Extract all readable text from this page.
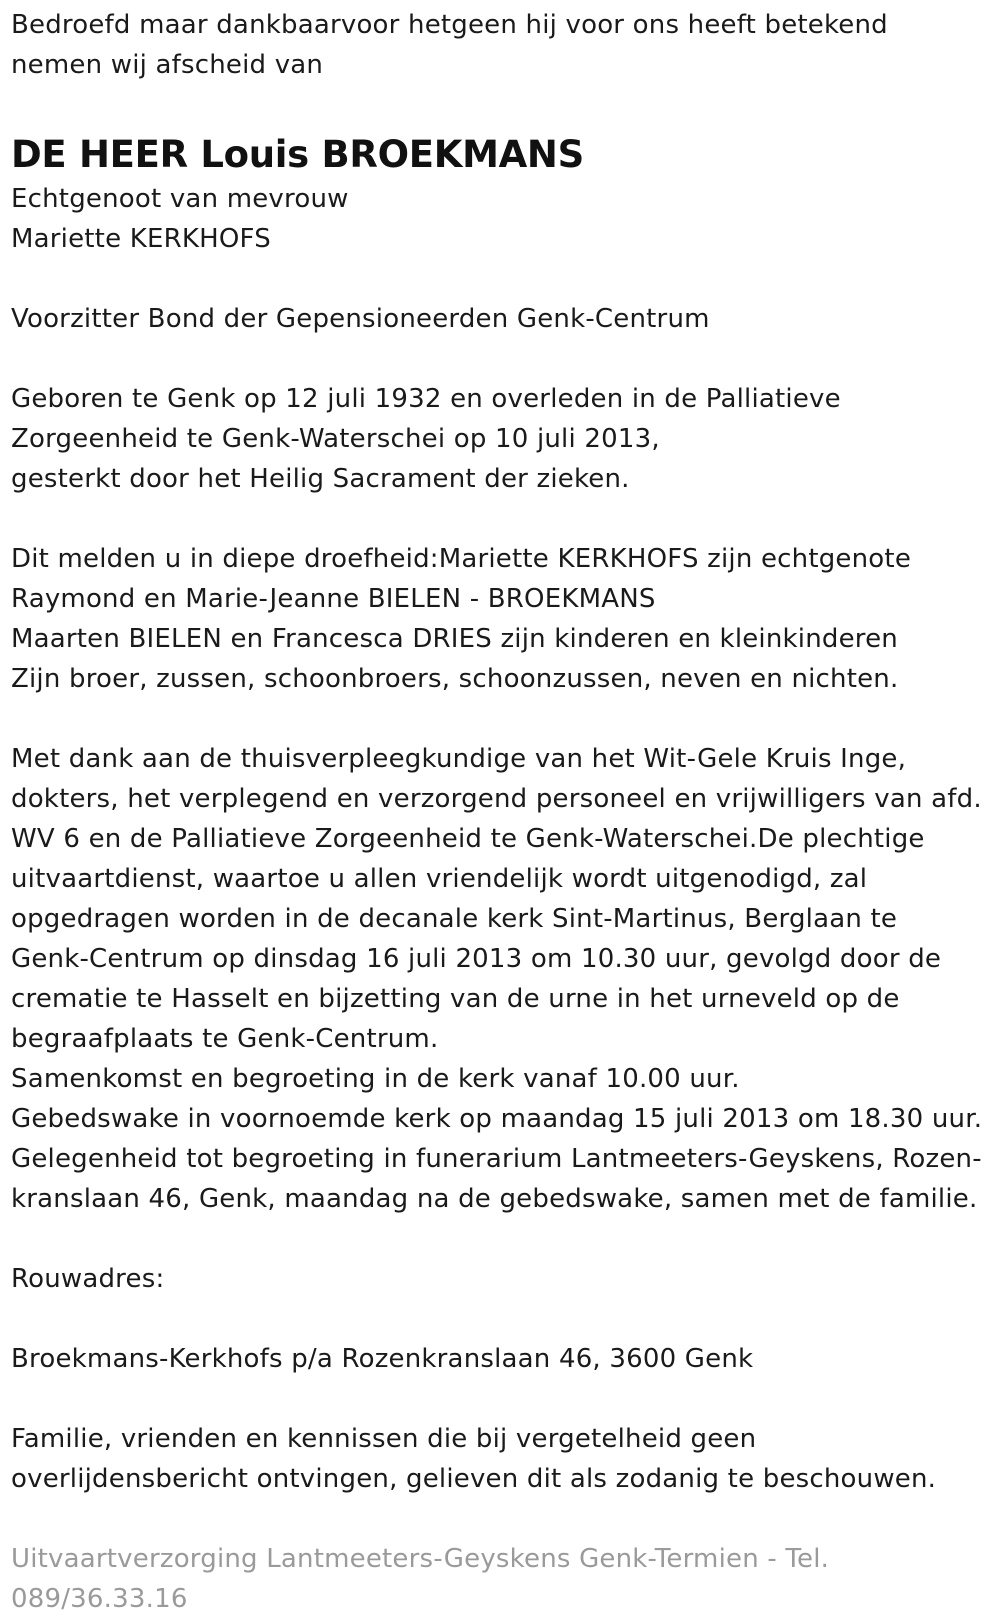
Bedroefd maar dankbaarvoor hetgeen hij voor ons heeft betekend
nemen wij afscheid van
DE HEER Louis BROEKMANS
Echtgenoot van mevrouw
Mariette KERKHOFS
Voorzitter Bond der Gepensioneerden Genk-Centrum
Geboren te Genk op 12 juli 1932 en overleden in de Palliatieve
Zorgeenheid te Genk-Waterschei op 10 juli 2013,
gesterkt door het Heilig Sacrament der zieken.
Dit melden u in diepe droefheid:Mariette KERKHOFS zijn echtgenote
Raymond en Marie-Jeanne BIELEN - BROEKMANS
Maarten BIELEN en Francesca DRIES zijn kinderen en kleinkinderen
Zijn broer, zussen, schoonbroers, schoonzussen, neven en nichten.
Met dank aan de thuisverpleegkundige van het Wit-Gele Kruis Inge,
dokters, het verplegend en verzorgend personeel en vrijwilligers van afd.
WV 6 en de Palliatieve Zorgeenheid te Genk-Waterschei.De plechtige
uitvaartdienst, waartoe u allen vriendelijk wordt uitgenodigd, zal
opgedragen worden in de decanale kerk Sint-Martinus, Berglaan te
Genk-Centrum op dinsdag 16 juli 2013 om 10.30 uur, gevolgd door de
crematie te Hasselt en bijzetting van de urne in het urneveld op de
begraafplaats te Genk-Centrum.
Samenkomst en begroeting in de kerk vanaf 10.00 uur.
Gebedswake in voornoemde kerk op maandag 15 juli 2013 om 18.30 uur.
Gelegenheid tot begroeting in funerarium Lantmeeters-Geyskens, Rozen-
kranslaan 46, Genk, maandag na de gebedswake, samen met de familie.
Rouwadres:
Broekmans-Kerkhofs p/a Rozenkranslaan 46, 3600 Genk
Familie, vrienden en kennissen die bij vergetelheid geen
overlijdensbericht ontvingen, gelieven dit als zodanig te beschouwen.
Uitvaartverzorging Lantmeeters-Geyskens Genk-Termien - Tel.
089/36.33.16
